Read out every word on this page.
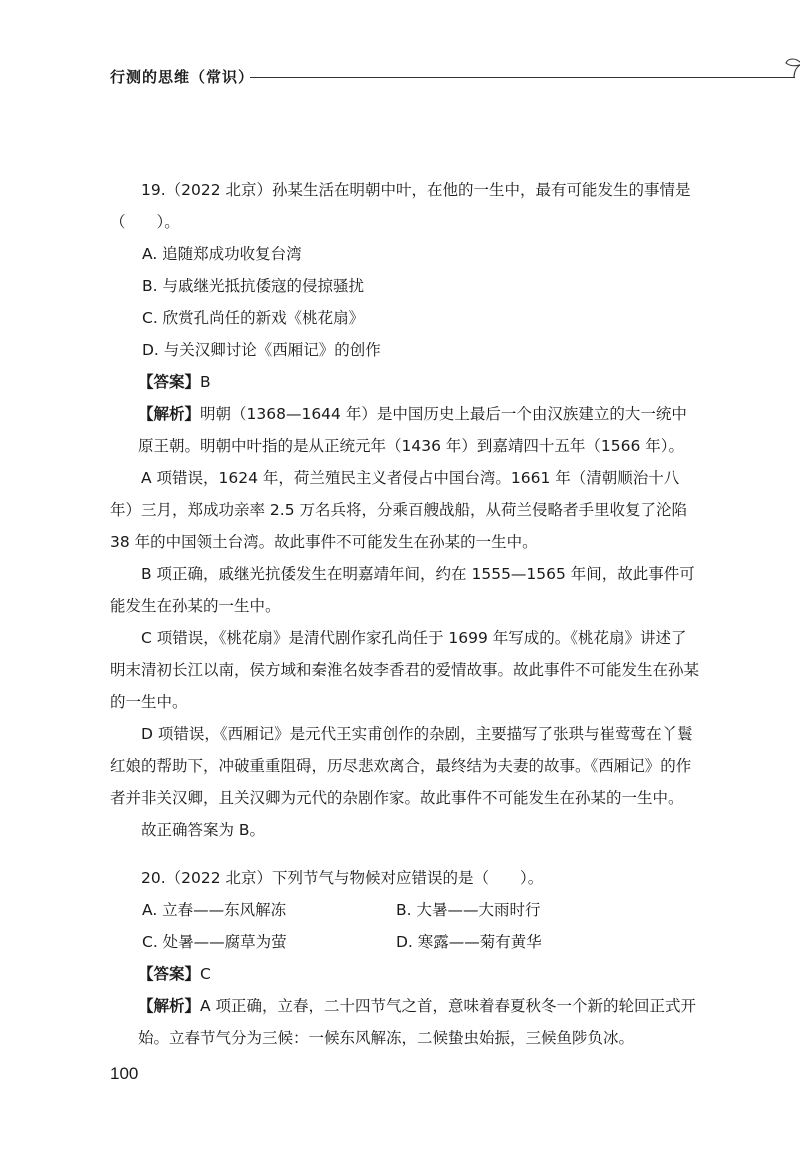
行测的思维（常识）

19.（2022 北京）孙某生活在明朝中叶，在他的一生中，最有可能发生的事情是（　　）。

A. 追随郑成功收复台湾

B. 与戚继光抵抗倭寇的侵掠骚扰

C. 欣赏孔尚任的新戏《桃花扇》

D. 与关汉卿讨论《西厢记》的创作

【答案】B

【解析】明朝（1368—1644 年）是中国历史上最后一个由汉族建立的大一统中原王朝。明朝中叶指的是从正统元年（1436 年）到嘉靖四十五年（1566 年）。

A 项错误，1624 年，荷兰殖民主义者侵占中国台湾。1661 年（清朝顺治十八年）三月，郑成功亲率 2.5 万名兵将，分乘百艘战船，从荷兰侵略者手里收复了沦陷 38 年的中国领土台湾。故此事件不可能发生在孙某的一生中。

B 项正确，戚继光抗倭发生在明嘉靖年间，约在 1555—1565 年间，故此事件可能发生在孙某的一生中。

C 项错误，《桃花扇》是清代剧作家孔尚任于 1699 年写成的。《桃花扇》讲述了明末清初长江以南，侯方域和秦淮名妓李香君的爱情故事。故此事件不可能发生在孙某的一生中。

D 项错误，《西厢记》是元代王实甫创作的杂剧，主要描写了张珙与崔莺莺在丫鬟红娘的帮助下，冲破重重阻碍，历尽悲欢离合，最终结为夫妻的故事。《西厢记》的作者并非关汉卿，且关汉卿为元代的杂剧作家。故此事件不可能发生在孙某的一生中。

故正确答案为 B。

20.（2022 北京）下列节气与物候对应错误的是（　　）。

A. 立春——东风解冻	B. 大暑——大雨时行
C. 处暑——腐草为萤	D. 寒露——菊有黄华

【答案】C

【解析】A 项正确，立春，二十四节气之首，意味着春夏秋冬一个新的轮回正式开始。立春节气分为三候：一候东风解冻，二候蛰虫始振，三候鱼陟负冰。

100
